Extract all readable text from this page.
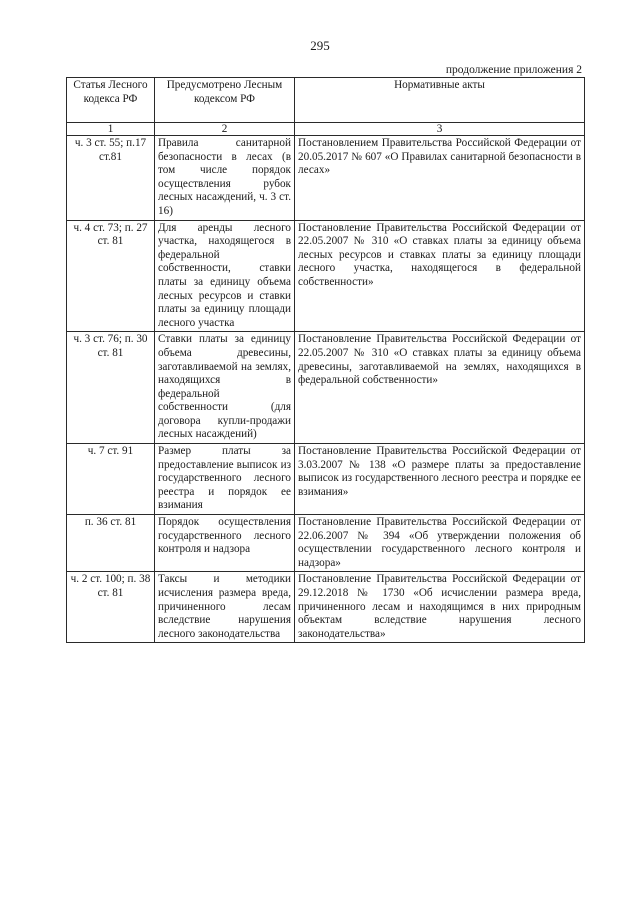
295
продолжение приложения 2
Статья Лесного кодекса РФ	Предусмотрено Лесным кодексом РФ	Нормативные акты
1	2	3
ч. 3 ст. 55; п.17 ст.81	Правила санитарной безопасности в лесах (в том числе порядок осуществления рубок лесных насаждений, ч. 3 ст. 16)	Постановлением Правительства Российской Федерации от 20.05.2017 № 607 «О Правилах санитарной безопасности в лесах»
ч. 4 ст. 73; п. 27 ст. 81	Для аренды лесного участка, находящегося в федеральной собственности, ставки платы за единицу объема лесных ресурсов и ставки платы за единицу площади лесного участка	Постановление Правительства Российской Федерации от 22.05.2007 № 310 «О ставках платы за единицу объема лесных ресурсов и ставках платы за единицу площади лесного участка, находящегося в федеральной собственности»
ч. 3 ст. 76; п. 30 ст. 81	Ставки платы за единицу объема древесины, заготавливаемой на землях, находящихся в федеральной собственности (для договора купли-продажи лесных насаждений)	Постановление Правительства Российской Федерации от 22.05.2007 № 310 «О ставках платы за единицу объема древесины, заготавливаемой на землях, находящихся в федеральной собственности»
ч. 7 ст. 91	Размер платы за предоставление выписок из государственного лесного реестра и порядок ее взимания	Постановление Правительства Российской Федерации от 3.03.2007 № 138 «О размере платы за предоставление выписок из государственного лесного реестра и порядке ее взимания»
п. 36 ст. 81	Порядок осуществления государственного лесного контроля и надзора	Постановление Правительства Российской Федерации от 22.06.2007 № 394 «Об утверждении положения об осуществлении государственного лесного контроля и надзора»
ч. 2 ст. 100; п. 38 ст. 81	Таксы и методики исчисления размера вреда, причиненного лесам вследствие нарушения лесного законодательства	Постановление Правительства Российской Федерации от 29.12.2018 № 1730 «Об исчислении размера вреда, причиненного лесам и находящимся в них природным объектам вследствие нарушения лесного законодательства»
